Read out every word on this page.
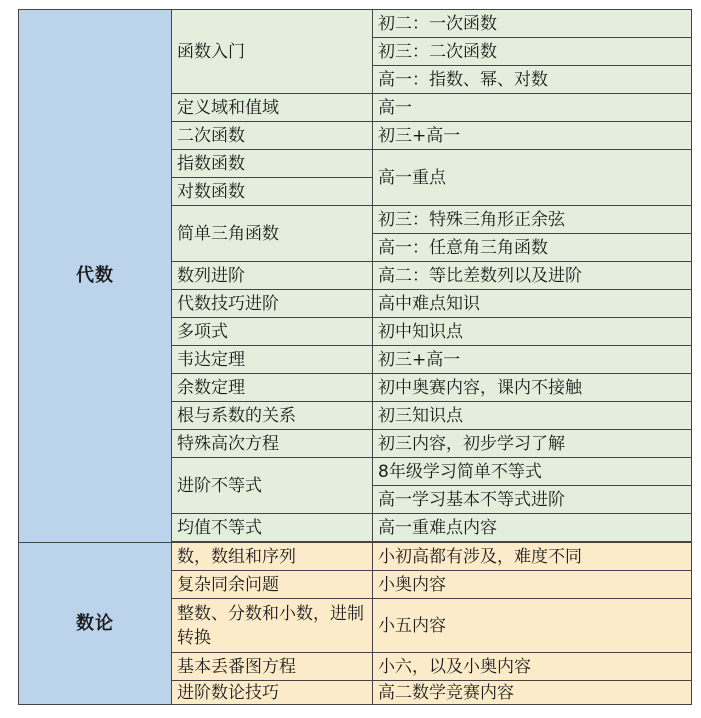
代数	函数入门	初二：一次函数
		初三：二次函数
		高一：指数、幂、对数
	定义域和值域	高一
	二次函数	初三+高一
	指数函数	高一重点
	对数函数	
	简单三角函数	初三：特殊三角形正余弦
		高一：任意角三角函数
	数列进阶	高二：等比差数列以及进阶
	代数技巧进阶	高中难点知识
	多项式	初中知识点
	韦达定理	初三+高一
	余数定理	初中奥赛内容，课内不接触
	根与系数的关系	初三知识点
	特殊高次方程	初三内容，初步学习了解
	进阶不等式	8年级学习简单不等式
		高一学习基本不等式进阶
	均值不等式	高一重难点内容

数论	数，数组和序列	小初高都有涉及，难度不同
	复杂同余问题	小奥内容
	整数、分数和小数，进制转换	小五内容
	基本丢番图方程	小六，以及小奥内容
	进阶数论技巧	高二数学竞赛内容
